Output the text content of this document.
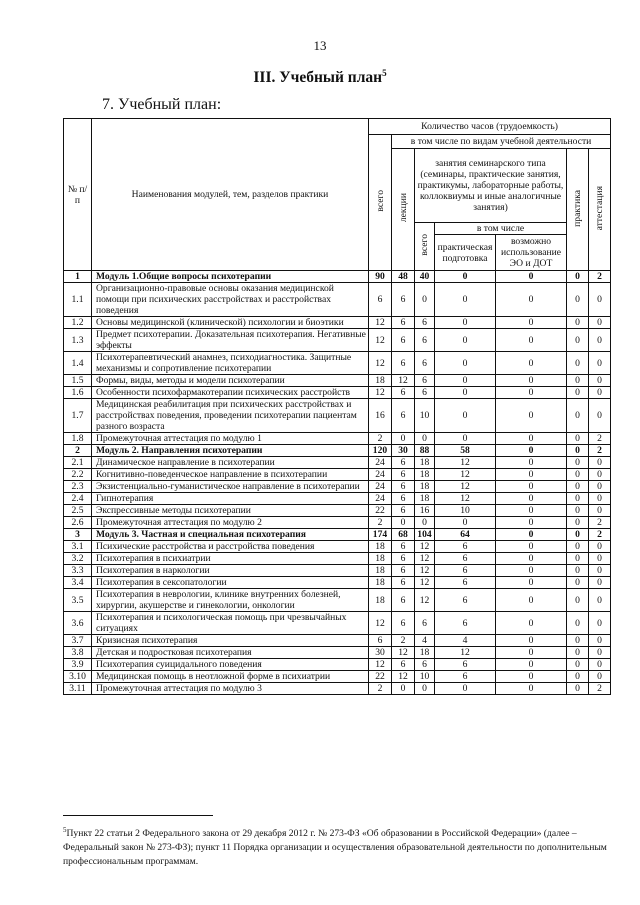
13
III. Учебный план$^5$
7. Учебный план:
№ п/п	Наименования модулей, тем, разделов практики	Количество часов (трудоемкость)						
		всего	в том числе по видам учебной деятельности					
			лекции	занятия семинарского типа (семинары, практические занятия, практикумы, лабораторные работы, коллоквиумы и иные аналогичные занятия)			практика	аттестация
				всего	в том числе			
					практическая подготовка	возможно использование ЭО и ДОТ		
1	Модуль 1.Общие вопросы психотерапии	90	48	40	0	0	0	2
1.1	Организационно-правовые основы оказания медицинской помощи при психических расстройствах и расстройствах поведения	6	6	0	0	0	0	0
1.2	Основы медицинской (клинической) психологии и биоэтики	12	6	6	0	0	0	0
1.3	Предмет психотерапии. Доказательная психотерапия. Негативные эффекты	12	6	6	0	0	0	0
1.4	Психотерапевтический анамнез, психодиагностика. Защитные механизмы и сопротивление психотерапии	12	6	6	0	0	0	0
1.5	Формы, виды, методы и модели психотерапии	18	12	6	0	0	0	0
1.6	Особенности психофармакотерапии психических расстройств	12	6	6	0	0	0	0
1.7	Медицинская реабилитация при психических расстройствах и расстройствах поведения, проведении психотерапии пациентам разного возраста	16	6	10	0	0	0	0
1.8	Промежуточная аттестация по модулю 1	2	0	0	0	0	0	2
2	Модуль 2. Направления психотерапии	120	30	88	58	0	0	2
2.1	Динамическое направление в психотерапии	24	6	18	12	0	0	0
2.2	Когнитивно-поведенческое направление в психотерапии	24	6	18	12	0	0	0
2.3	Экзистенциально-гуманистическое направление в психотерапии	24	6	18	12	0	0	0
2.4	Гипнотерапия	24	6	18	12	0	0	0
2.5	Экспрессивные методы психотерапии	22	6	16	10	0	0	0
2.6	Промежуточная аттестация по модулю 2	2	0	0	0	0	0	2
3	Модуль 3. Частная и специальная психотерапия	174	68	104	64	0	0	2
3.1	Психические расстройства и расстройства поведения	18	6	12	6	0	0	0
3.2	Психотерапия в психиатрии	18	6	12	6	0	0	0
3.3	Психотерапия в наркологии	18	6	12	6	0	0	0
3.4	Психотерапия в сексопатологии	18	6	12	6	0	0	0
3.5	Психотерапия в неврологии, клинике внутренних болезней, хирургии, акушерстве и гинекологии, онкологии	18	6	12	6	0	0	0
3.6	Психотерапия и психологическая помощь при чрезвычайных ситуациях	12	6	6	6	0	0	0
3.7	Кризисная психотерапия	6	2	4	4	0	0	0
3.8	Детская и подростковая психотерапия	30	12	18	12	0	0	0
3.9	Психотерапия суицидального поведения	12	6	6	6	0	0	0
3.10	Медицинская помощь в неотложной форме в психиатрии	22	12	10	6	0	0	0
3.11	Промежуточная аттестация по модулю 3	2	0	0	0	0	0	2
$^5$Пункт 22 статьи 2 Федерального закона от 29 декабря 2012 г. № 273-ФЗ «Об образовании в Российской Федерации» (далее – Федеральный закон № 273-ФЗ); пункт 11 Порядка организации и осуществления образовательной деятельности по дополнительным профессиональным программам.
